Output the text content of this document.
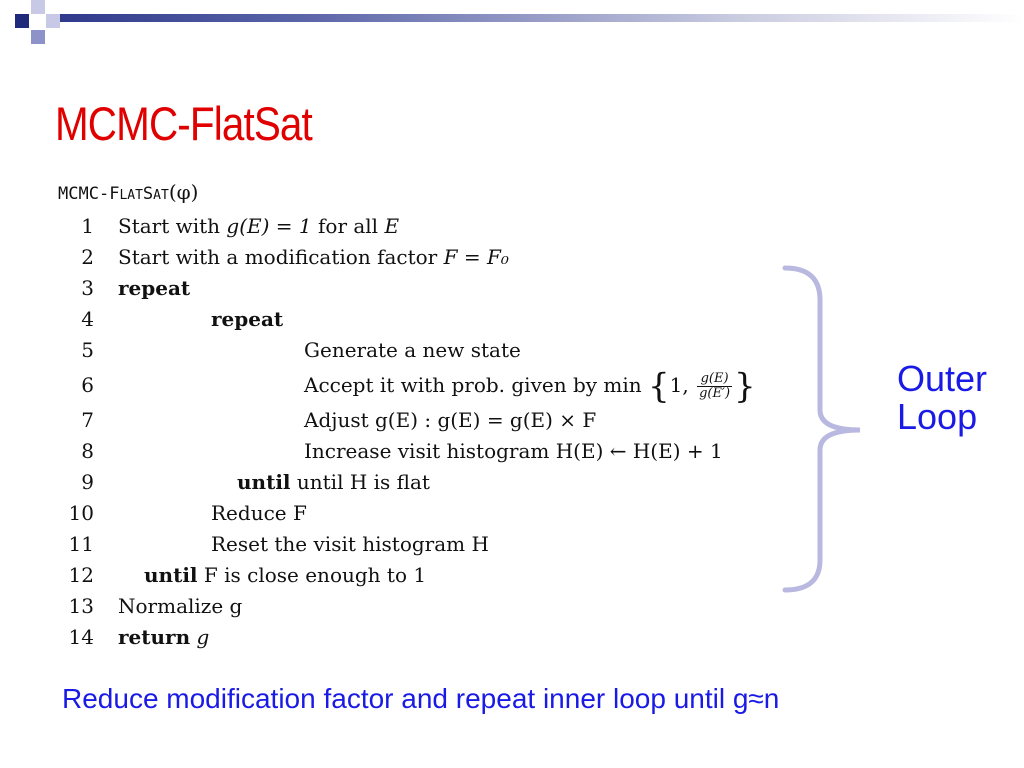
MCMC-FlatSat
MCMC-FLATSAT(φ)
1 Start with g(E) = 1 for all E
2 Start with a modification factor F = F₀
3 repeat
4	repeat
5	Generate a new state
6	Accept it with prob. given by min {1, $\frac{g(E)}{g(E')}$ }
7	Adjust g(E) : g(E) = g(E) × F
8	Increase visit histogram H(E) ← H(E) + 1
9	until until H is flat
10	Reduce F
11	Reset the visit histogram H
12	until F is close enough to 1
13 Normalize g
14 return g
Outer
Loop
Reduce modification factor and repeat inner loop until g≈n
